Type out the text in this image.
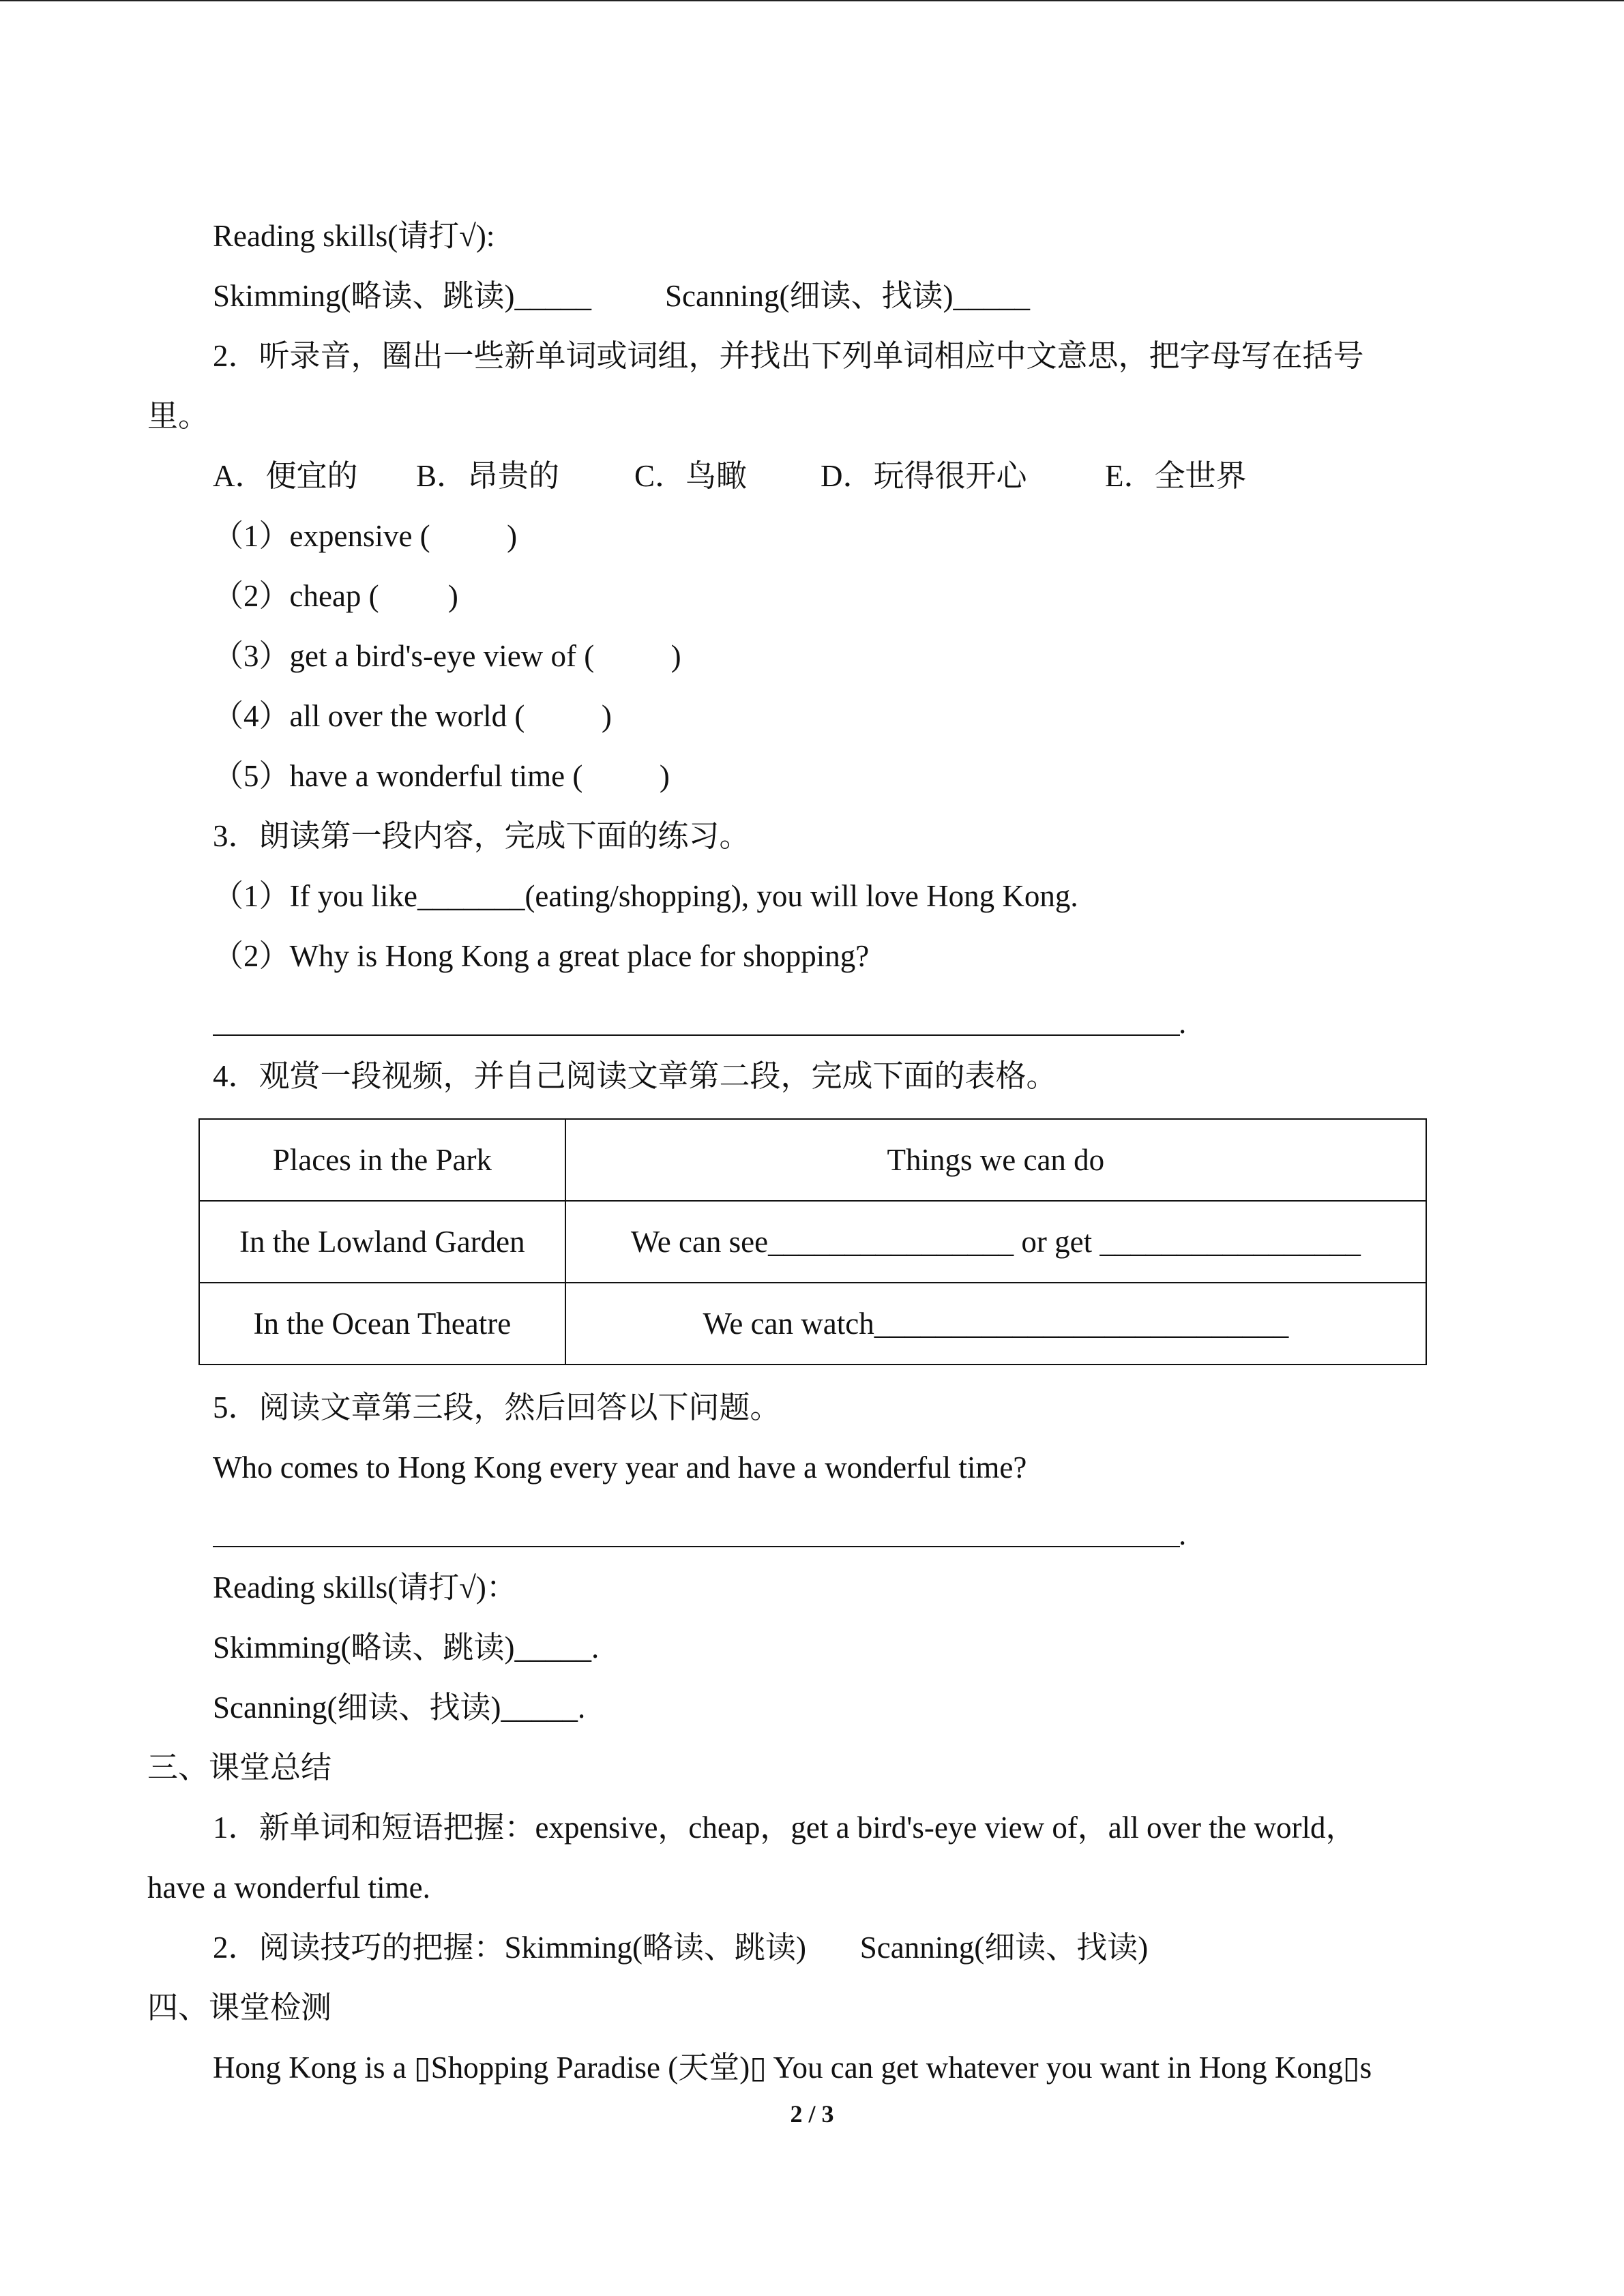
Reading skills(请打√):
Skimming(略读、跳读)_____ Scanning(细读、找读)_____
2．听录音，圈出一些新单词或词组，并找出下列单词相应中文意思，把字母写在括号
里。
A．便宜的 B．昂贵的 C．鸟瞰 D．玩得很开心	E．全世界
（1）expensive (          )
（2）cheap (         )
（3）get a bird's-eye view of (          )
（4）all over the world (          )
（5）have a wonderful time (          )
3．朗读第一段内容，完成下面的练习。
（1）If you like_______(eating/shopping), you will love Hong Kong.
（2）Why is Hong Kong a great place for shopping?
.
4．观赏一段视频，并自己阅读文章第二段，完成下面的表格。
Places in the Park	Things we can do
In the Lowland Garden	We can see________________ or get _________________
In the Ocean Theatre	We can watch___________________________
5．阅读文章第三段，然后回答以下问题。
Who comes to Hong Kong every year and have a wonderful time?
.
Reading skills(请打√)：
Skimming(略读、跳读)_____.
Scanning(细读、找读)_____.
三、课堂总结
1．新单词和短语把握：expensive，cheap，get a bird's-eye view of，all over the world，
have a wonderful time.
2．阅读技巧的把握：Skimming(略读、跳读)       Scanning(细读、找读)
四、课堂检测
Hong Kong is a ▯Shopping Paradise (天堂)▯ You can get whatever you want in Hong Kong▯s
2 / 3
